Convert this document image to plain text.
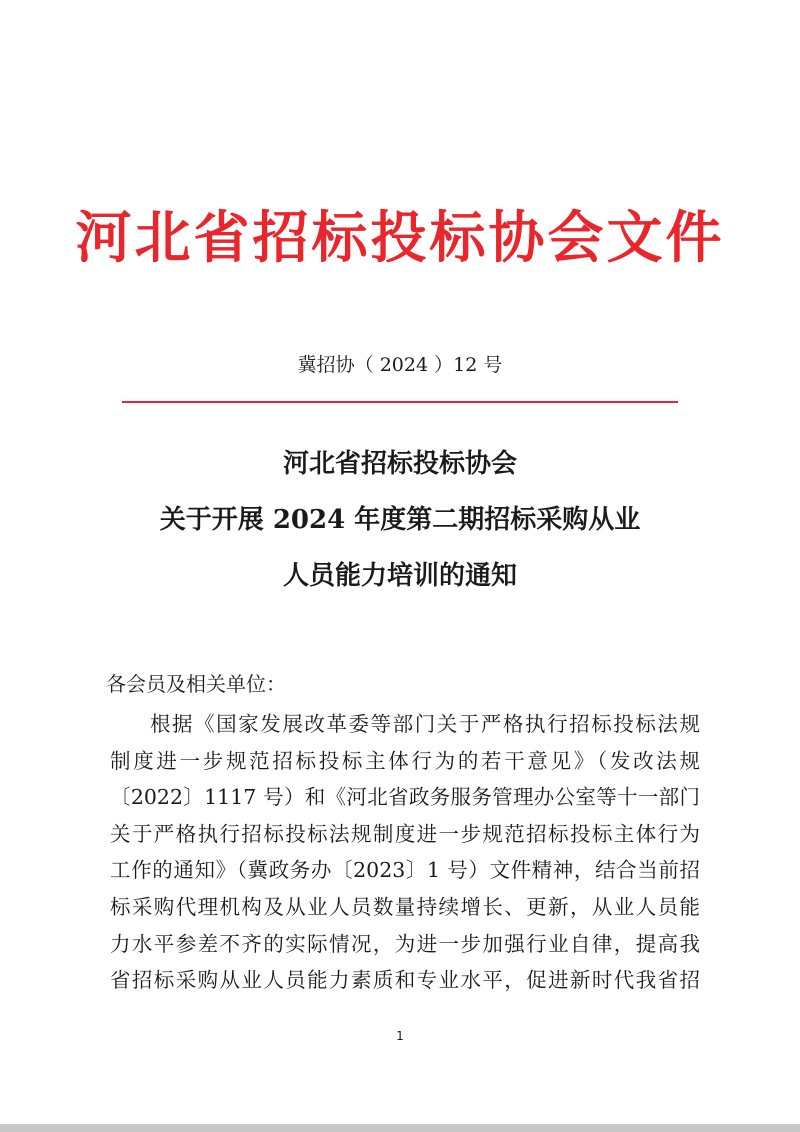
河北省招标投标协会文件
冀招协（ 2024 ）12 号
河北省招标投标协会
关于开展 2024 年度第二期招标采购从业
人员能力培训的通知
各会员及相关单位：
根据《国家发展改革委等部门关于严格执行招标投标法规
制度进一步规范招标投标主体行为的若干意见》（发改法规
〔2022〕1117 号）和《河北省政务服务管理办公室等十一部门
关于严格执行招标投标法规制度进一步规范招标投标主体行为
工作的通知》（冀政务办〔2023〕1 号）文件精神，结合当前招
标采购代理机构及从业人员数量持续增长、更新，从业人员能
力水平参差不齐的实际情况，为进一步加强行业自律，提高我
省招标采购从业人员能力素质和专业水平，促进新时代我省招
1
